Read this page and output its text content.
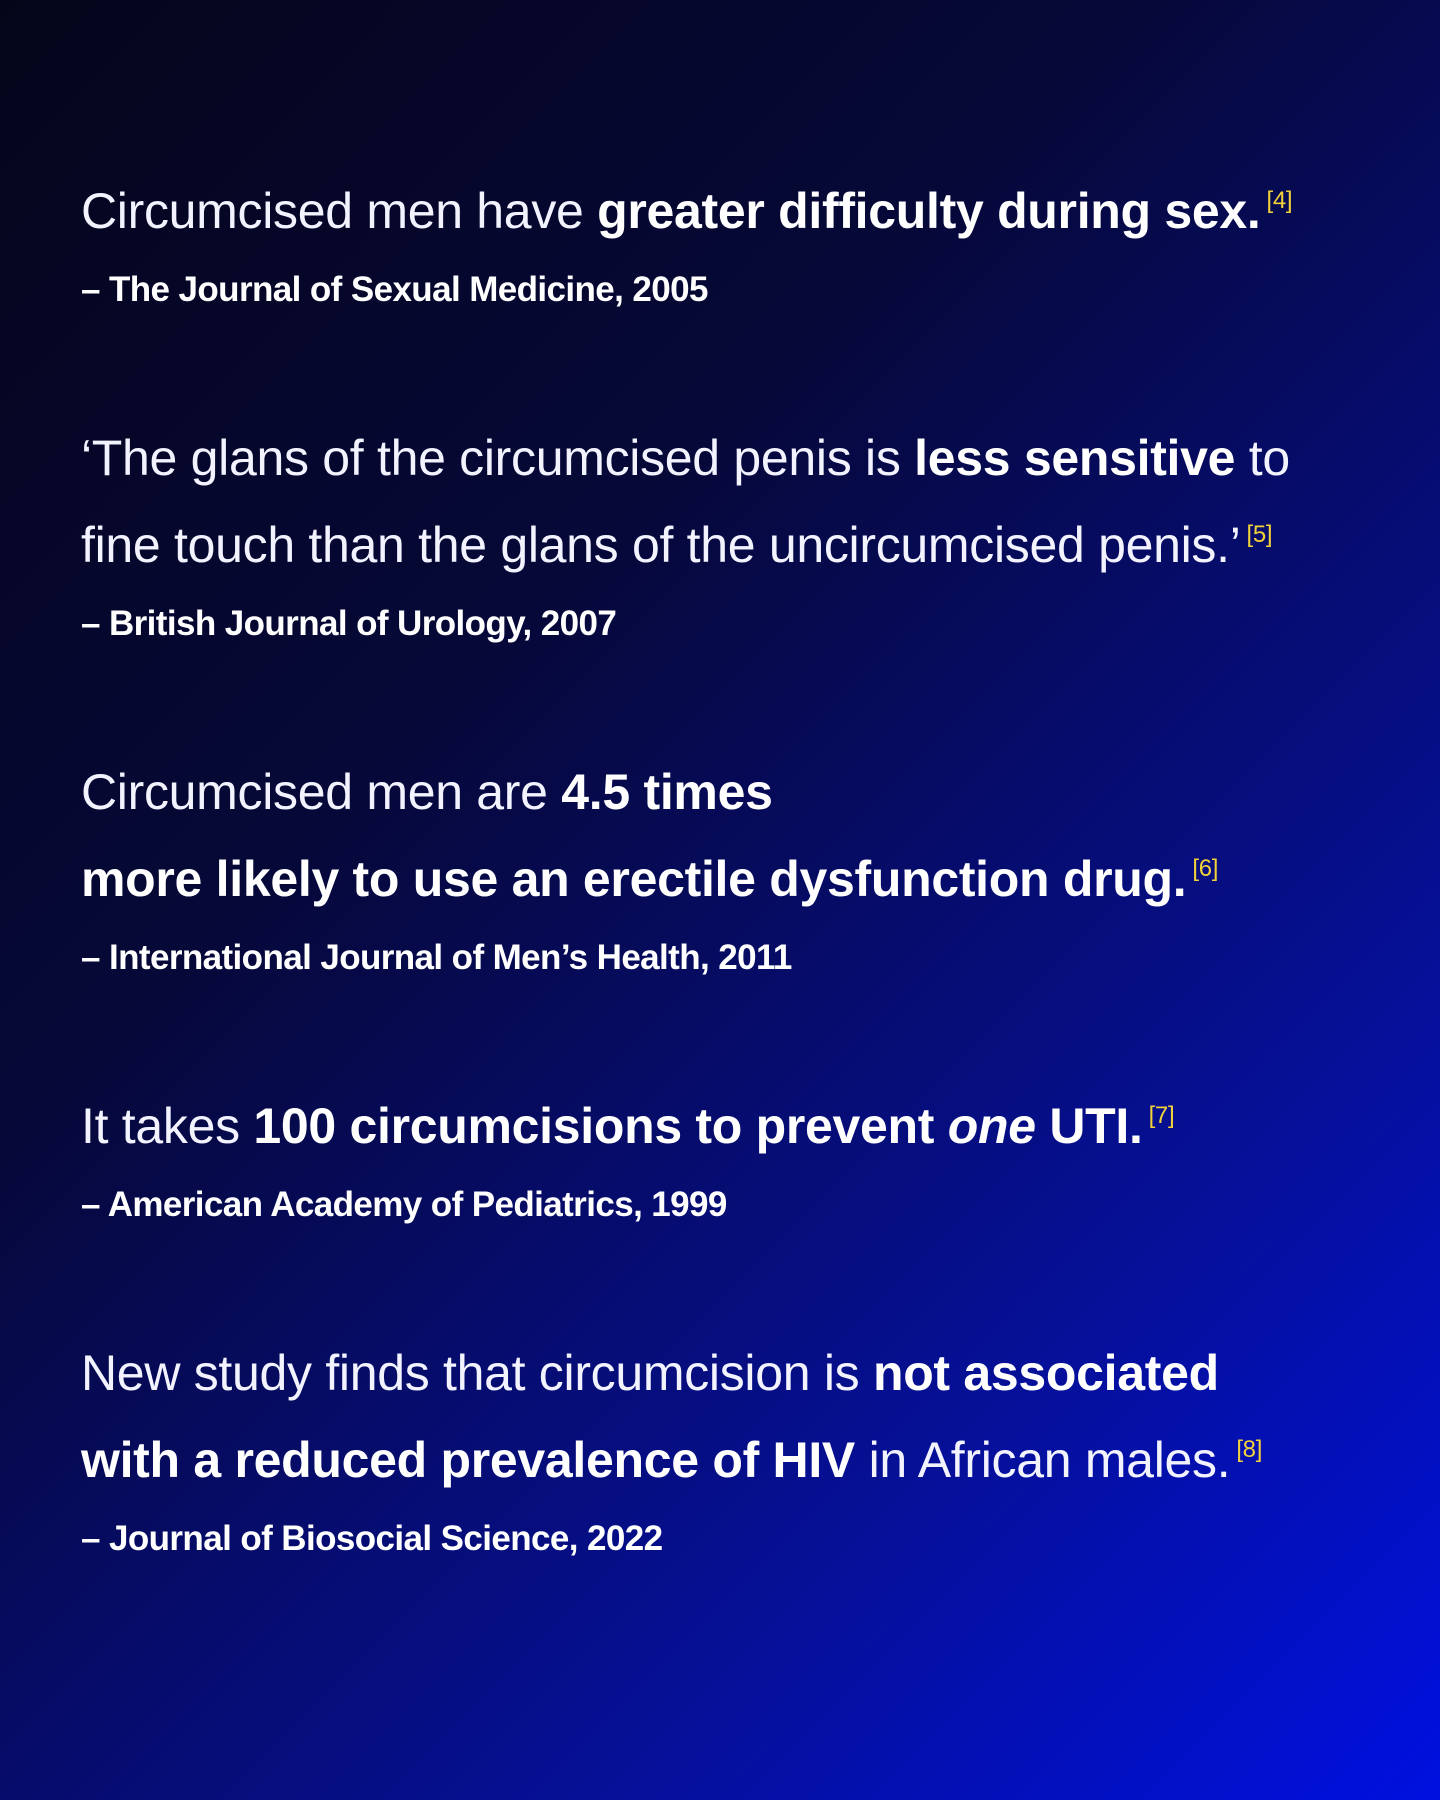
Circumcised men have greater difficulty during sex. [4]

– The Journal of Sexual Medicine, 2005

‘The glans of the circumcised penis is less sensitive to
fine touch than the glans of the uncircumcised penis.’ [5]

– British Journal of Urology, 2007

Circumcised men are 4.5 times
more likely to use an erectile dysfunction drug. [6]

– International Journal of Men’s Health, 2011

It takes 100 circumcisions to prevent one UTI. [7]

– American Academy of Pediatrics, 1999

New study finds that circumcision is not associated
with a reduced prevalence of HIV in African males. [8]

– Journal of Biosocial Science, 2022
